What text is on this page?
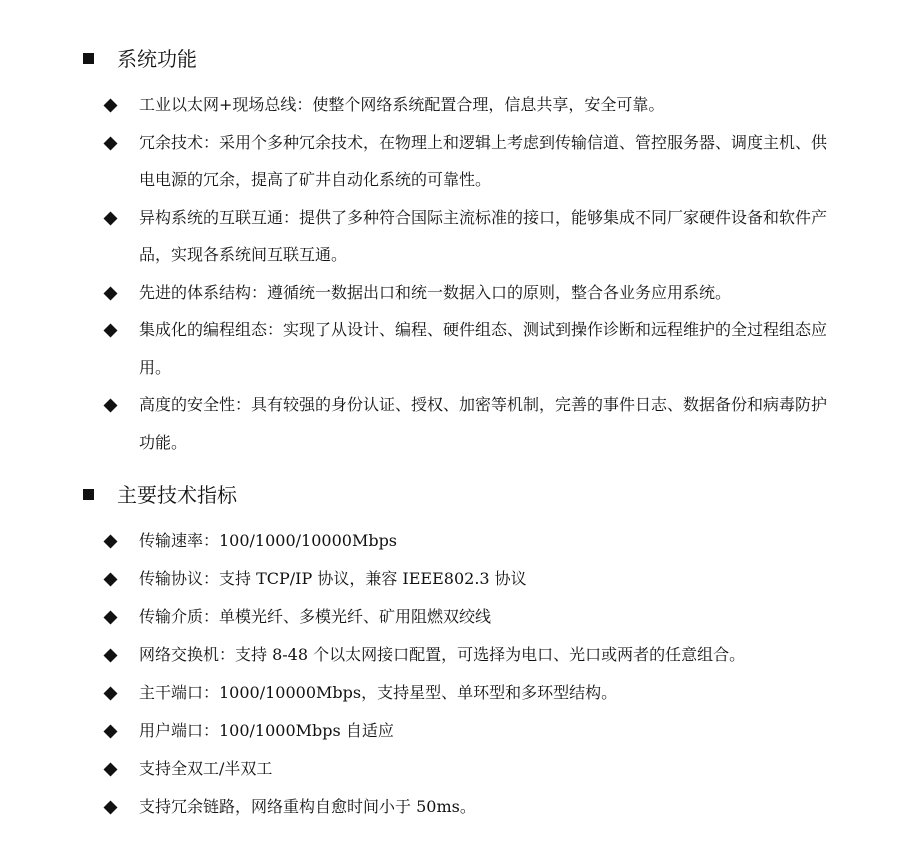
系统功能
工业以太网+现场总线：使整个网络系统配置合理，信息共享，安全可靠。
冗余技术：采用个多种冗余技术，在物理上和逻辑上考虑到传输信道、管控服务器、调度主机、供电电源的冗余，提高了矿井自动化系统的可靠性。
异构系统的互联互通：提供了多种符合国际主流标准的接口，能够集成不同厂家硬件设备和软件产品，实现各系统间互联互通。
先进的体系结构：遵循统一数据出口和统一数据入口的原则，整合各业务应用系统。
集成化的编程组态：实现了从设计、编程、硬件组态、测试到操作诊断和远程维护的全过程组态应用。
高度的安全性：具有较强的身份认证、授权、加密等机制，完善的事件日志、数据备份和病毒防护功能。
主要技术指标
传输速率：100/1000/10000Mbps
传输协议：支持 TCP/IP 协议，兼容 IEEE802.3 协议
传输介质：单模光纤、多模光纤、矿用阻燃双绞线
网络交换机：支持 8-48 个以太网接口配置，可选择为电口、光口或两者的任意组合。
主干端口：1000/10000Mbps，支持星型、单环型和多环型结构。
用户端口：100/1000Mbps 自适应
支持全双工/半双工
支持冗余链路，网络重构自愈时间小于 50ms。
